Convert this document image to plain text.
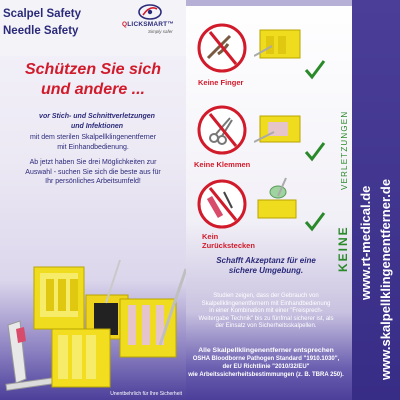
Scalpel Safety
Needle Safety
QLICKSMART™
Simply safer
Schützen Sie sich
und andere ...
vor Stich- und Schnittverletzungen
und Infektionen
mit dem sterilen Skalpellklingenentferner
mit Einhandbedienung.
Ab jetzt haben Sie drei Möglichkeiten zur
Auswahl - suchen Sie sich die beste aus für
Ihr persönliches Arbeitsumfeld!
Unentbehrlich für Ihre Sicherheit
Keine Finger
Keine Klemmen
Kein
Zurückstecken	KEINE
VERLETZUNGEN
Schafft Akzeptanz für eine
sichere Umgebung.
Studien zeigen, dass der Gebrauch von
Skalpellklingenentfernern mit Einhandbedienung
in einer Kombination mit einer "Freisprech-
Weitergabe Technik" bis zu fünfmal sicherer ist, als
der Einsatz von Sicherheitsskalpellen.
Alle Skalpellklingenentferner entsprechen
OSHA Bloodborne Pathogen Standard "1910.1030",
der EU Richtlinie "2010/32/EU"
wie Arbeitssicherheitsbestimmungen (z. B. TBRA 250).
www.rt-medical.de www.skalpellklingenentferner.de
